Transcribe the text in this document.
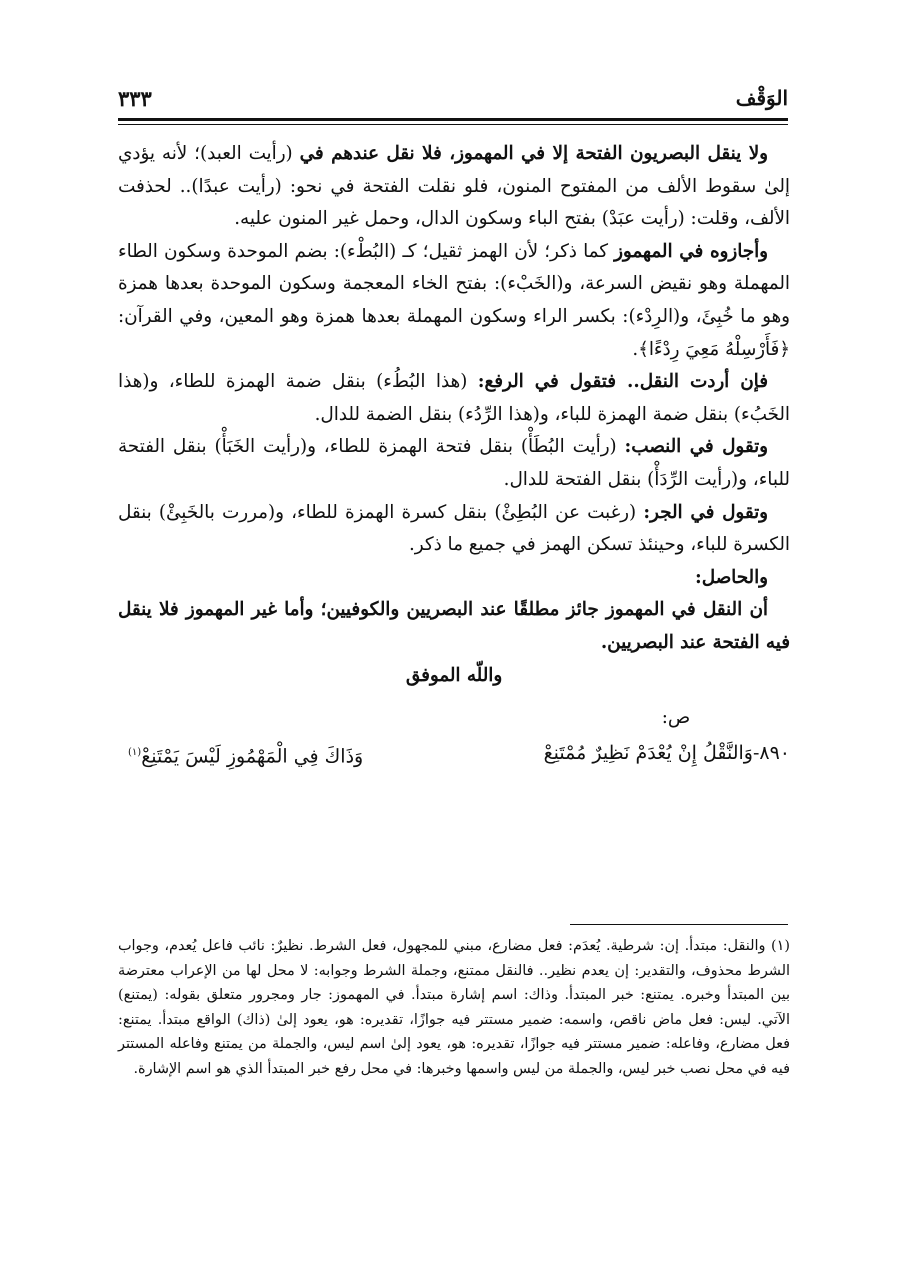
الوَقْف
٣٣٣

ولا ينقل البصريون الفتحة إلا في المهموز، فلا نقل عندهم في (رأيت العبد)؛ لأنه يؤدي إلىٰ سقوط الألف من المفتوح المنون، فلو نقلت الفتحة في نحو: (رأيت عبدًا).. لحذفت الألف، وقلت: (رأيت عبَدْ) بفتح الباء وسكون الدال، وحمل غير المنون عليه.

وأجازوه في المهموز كما ذكر؛ لأن الهمز ثقيل؛ كـ (البُطْء): بضم الموحدة وسكون الطاء المهملة وهو نقيض السرعة، و(الخَبْء): بفتح الخاء المعجمة وسكون الموحدة بعدها همزة وهو ما خُبِئَ، و(الرِدْء): بكسر الراء وسكون المهملة بعدها همزة وهو المعين، وفي القرآن: ﴿فَأَرْسِلْهُ مَعِيَ رِدْءًا﴾.

فإن أردت النقل.. فتقول في الرفع: (هذا البُطُء) بنقل ضمة الهمزة للطاء، و(هذا الخَبُء) بنقل ضمة الهمزة للباء، و(هذا الرِّدُء) بنقل الضمة للدال.

وتقول في النصب: (رأيت البُطَأْ) بنقل فتحة الهمزة للطاء، و(رأيت الخَبَأْ) بنقل الفتحة للباء، و(رأيت الرِّدَأْ) بنقل الفتحة للدال.

وتقول في الجر: (رغبت عن البُطِئْ) بنقل كسرة الهمزة للطاء، و(مررت بالخَبِئْ) بنقل الكسرة للباء، وحينئذ تسكن الهمز في جميع ما ذكر.

والحاصل:

أن النقل في المهموز جائز مطلقًا عند البصريين والكوفيين؛ وأما غير المهموز فلا ينقل فيه الفتحة عند البصريين.

واللّه الموفق

ص:

٨٩٠-وَالنَّقْلُ إِنْ يُعْدَمْ نَظِيرٌ مُمْتَنِعْ
وَذَاكَ فِي الْمَهْمُوزِ لَيْسَ يَمْتَنِعْ$^{(١)}$

(١) والنقل: مبتدأ. إن: شرطية. يُعدَم: فعل مضارع، مبني للمجهول، فعل الشرط. نظيرٌ: نائب فاعل يُعدم، وجواب الشرط محذوف، والتقدير: إن يعدم نظير.. فالنقل ممتنع، وجملة الشرط وجوابه: لا محل لها من الإعراب معترضة بين المبتدأ وخبره. يمتنع: خبر المبتدأ. وذاك: اسم إشارة مبتدأ. في المهموز: جار ومجرور متعلق بقوله: (يمتنع) الآتي. ليس: فعل ماض ناقص، واسمه: ضمير مستتر فيه جوازًا، تقديره: هو، يعود إلىٰ (ذاك) الواقع مبتدأ. يمتنع: فعل مضارع، وفاعله: ضمير مستتر فيه جوازًا، تقديره: هو، يعود إلىٰ اسم ليس، والجملة من يمتنع وفاعله المستتر فيه في محل نصب خبر ليس، والجملة من ليس واسمها وخبرها: في محل رفع خبر المبتدأ الذي هو اسم الإشارة.
